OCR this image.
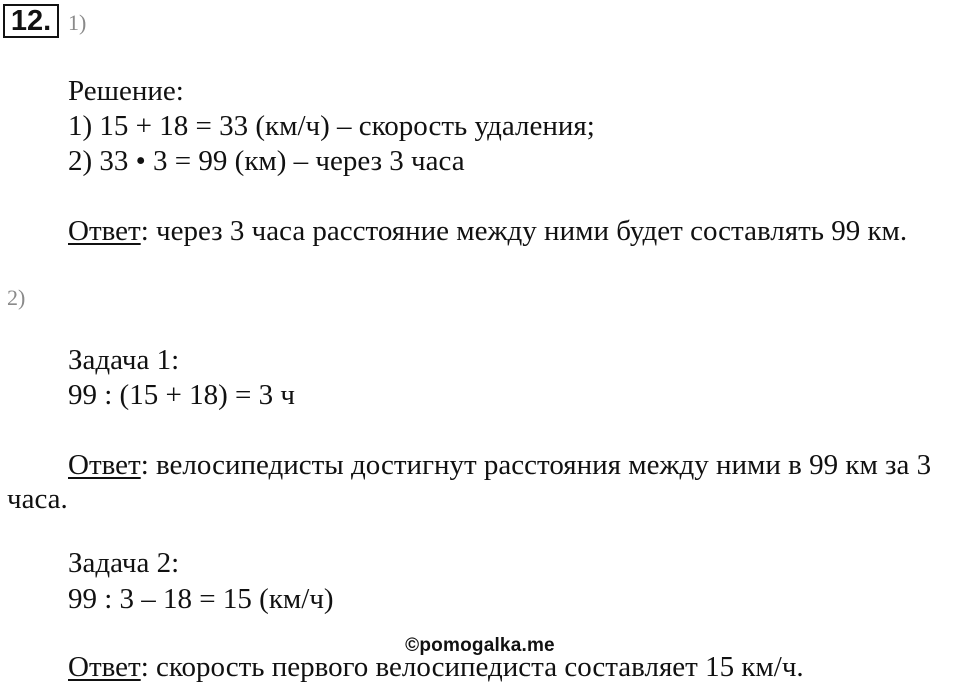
12. 1)
Решение:
1) 15 + 18 = 33 (км/ч) – скорость удаления;
2) 33 • 3 = 99 (км) – через 3 часа
Ответ: через 3 часа расстояние между ними будет составлять 99 км.
2)
Задача 1:
99 : (15 + 18) = 3 ч
Ответ: велосипедисты достигнут расстояния между ними в 99 км за 3
часа.
Задача 2:
99 : 3 – 18 = 15 (км/ч)
©pomogalka.me
Ответ: скорость первого велосипедиста составляет 15 км/ч.
